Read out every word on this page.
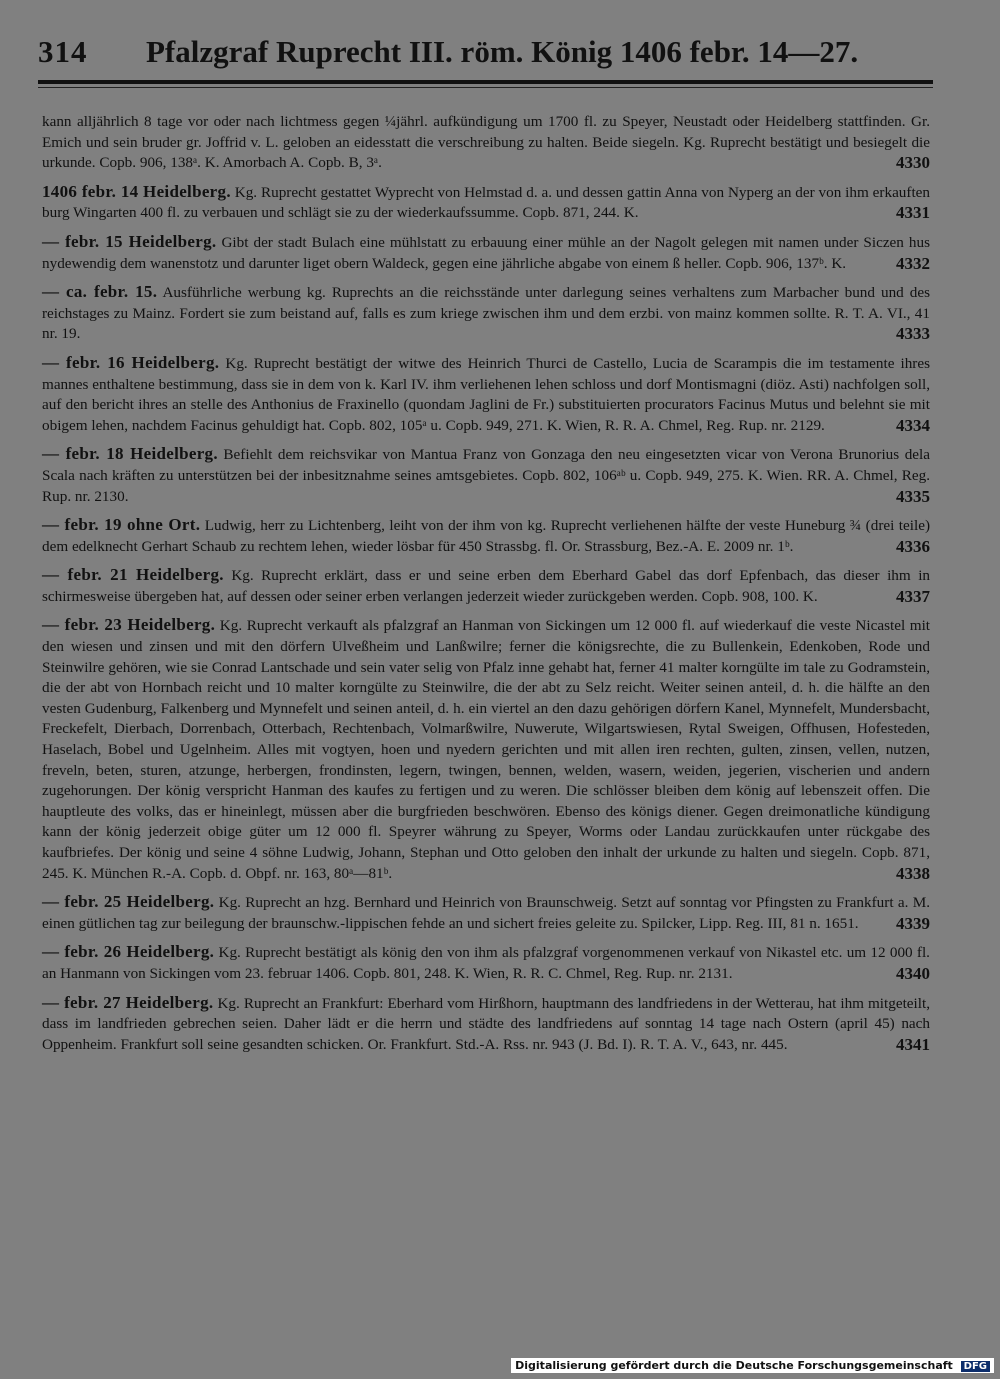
314 Pfalzgraf Ruprecht III. röm. König 1406 febr. 14—27.

kann alljährlich 8 tage vor oder nach lichtmess gegen ¼jährl. aufkündigung um 1700 fl. zu Speyer, Neustadt oder Heidelberg stattfinden. Gr. Emich und sein bruder gr. Joffrid v. L. geloben an eidesstatt die verschreibung zu halten. Beide siegeln. Kg. Ruprecht bestätigt und besiegelt die urkunde. Copb. 906, 138ᵃ. K. Amorbach A. Copb. B, 3ᵃ.	4330

1406 febr. 14 Heidelberg. Kg. Ruprecht gestattet Wyprecht von Helmstad d. a. und dessen gattin Anna von Nyperg an der von ihm erkauften burg Wingarten 400 fl. zu verbauen und schlägt sie zu der wiederkaufssumme. Copb. 871, 244. K.	4331

— febr. 15 Heidelberg. Gibt der stadt Bulach eine mühlstatt zu erbauung einer mühle an der Nagolt gelegen mit namen under Siczen hus nydewendig dem wanenstotz und darunter liget obern Waldeck, gegen eine jährliche abgabe von einem ß heller. Copb. 906, 137ᵇ. K.	4332

— ca. febr. 15. Ausführliche werbung kg. Ruprechts an die reichsstände unter darlegung seines verhaltens zum Marbacher bund und des reichstages zu Mainz. Fordert sie zum beistand auf, falls es zum kriege zwischen ihm und dem erzbi. von mainz kommen sollte. R. T. A. VI., 41 nr. 19.	4333

— febr. 16 Heidelberg. Kg. Ruprecht bestätigt der witwe des Heinrich Thurci de Castello, Lucia de Scarampis die im testamente ihres mannes enthaltene bestimmung, dass sie in dem von k. Karl IV. ihm verliehenen lehen schloss und dorf Montismagni (diöz. Asti) nachfolgen soll, auf den bericht ihres an stelle des Anthonius de Fraxinello (quondam Jaglini de Fr.) substituierten procurators Facinus Mutus und belehnt sie mit obigem lehen, nachdem Facinus gehuldigt hat. Copb. 802, 105ᵃ u. Copb. 949, 271. K. Wien, R. R. A. Chmel, Reg. Rup. nr. 2129.	4334

— febr. 18 Heidelberg. Befiehlt dem reichsvikar von Mantua Franz von Gonzaga den neu eingesetzten vicar von Verona Brunorius dela Scala nach kräften zu unterstützen bei der inbesitznahme seines amtsgebietes. Copb. 802, 106ᵃᵇ u. Copb. 949, 275. K. Wien. RR. A. Chmel, Reg. Rup. nr. 2130.	4335

— febr. 19 ohne Ort. Ludwig, herr zu Lichtenberg, leiht von der ihm von kg. Ruprecht verliehenen hälfte der veste Huneburg ¾ (drei teile) dem edelknecht Gerhart Schaub zu rechtem lehen, wieder lösbar für 450 Strassbg. fl. Or. Strassburg, Bez.-A. E. 2009 nr. 1ᵇ.	4336

— febr. 21 Heidelberg. Kg. Ruprecht erklärt, dass er und seine erben dem Eberhard Gabel das dorf Epfenbach, das dieser ihm in schirmesweise übergeben hat, auf dessen oder seiner erben verlangen jederzeit wieder zurückgeben werden. Copb. 908, 100. K.	4337

— febr. 23 Heidelberg. Kg. Ruprecht verkauft als pfalzgraf an Hanman von Sickingen um 12 000 fl. auf wiederkauf die veste Nicastel mit den wiesen und zinsen und mit den dörfern Ulveßheim und Lanßwilre; ferner die königsrechte, die zu Bullenkein, Edenkoben, Rode und Steinwilre gehören, wie sie Conrad Lantschade und sein vater selig von Pfalz inne gehabt hat, ferner 41 malter korngülte im tale zu Godramstein, die der abt von Hornbach reicht und 10 malter korngülte zu Steinwilre, die der abt zu Selz reicht. Weiter seinen anteil, d. h. die hälfte an den vesten Gudenburg, Falkenberg und Mynnefelt und seinen anteil, d. h. ein viertel an den dazu gehörigen dörfern Kanel, Mynnefelt, Mundersbacht, Freckefelt, Dierbach, Dorrenbach, Otterbach, Rechtenbach, Volmarßwilre, Nuwerute, Wilgartswiesen, Rytal Sweigen, Offhusen, Hofesteden, Haselach, Bobel und Ugelnheim. Alles mit vogtyen, hoen und nyedern gerichten und mit allen iren rechten, gulten, zinsen, vellen, nutzen, freveln, beten, sturen, atzunge, herbergen, frondinsten, legern, twingen, bennen, welden, wasern, weiden, jegerien, vischerien und andern zugehorungen. Der könig verspricht Hanman des kaufes zu fertigen und zu weren. Die schlösser bleiben dem könig auf lebenszeit offen. Die hauptleute des volks, das er hineinlegt, müssen aber die burgfrieden beschwören. Ebenso des königs diener. Gegen dreimonatliche kündigung kann der könig jederzeit obige güter um 12 000 fl. Speyrer währung zu Speyer, Worms oder Landau zurückkaufen unter rückgabe des kaufbriefes. Der könig und seine 4 söhne Ludwig, Johann, Stephan und Otto geloben den inhalt der urkunde zu halten und siegeln. Copb. 871, 245. K. München R.-A. Copb. d. Obpf. nr. 163, 80ᵃ—81ᵇ.	4338

— febr. 25 Heidelberg. Kg. Ruprecht an hzg. Bernhard und Heinrich von Braunschweig. Setzt auf sonntag vor Pfingsten zu Frankfurt a. M. einen gütlichen tag zur beilegung der braunschw.-lippischen fehde an und sichert freies geleite zu. Spilcker, Lipp. Reg. III, 81 n. 1651. 4339

— febr. 26 Heidelberg. Kg. Ruprecht bestätigt als könig den von ihm als pfalzgraf vorgenommenen verkauf von Nikastel etc. um 12 000 fl. an Hanmann von Sickingen vom 23. februar 1406. Copb. 801, 248. K. Wien, R. R. C. Chmel, Reg. Rup. nr. 2131.	4340

— febr. 27 Heidelberg. Kg. Ruprecht an Frankfurt: Eberhard vom Hirßhorn, hauptmann des landfriedens in der Wetterau, hat ihm mitgeteilt, dass im landfrieden gebrechen seien. Daher lädt er die herrn und städte des landfriedens auf sonntag 14 tage nach Ostern (april 45) nach Oppenheim. Frankfurt soll seine gesandten schicken. Or. Frankfurt. Std.-A. Rss. nr. 943 (J. Bd. I). R. T. A. V., 643, nr. 445.	4341

Digitalisierung gefördert durch die Deutsche Forschungsgemeinschaft DFG
